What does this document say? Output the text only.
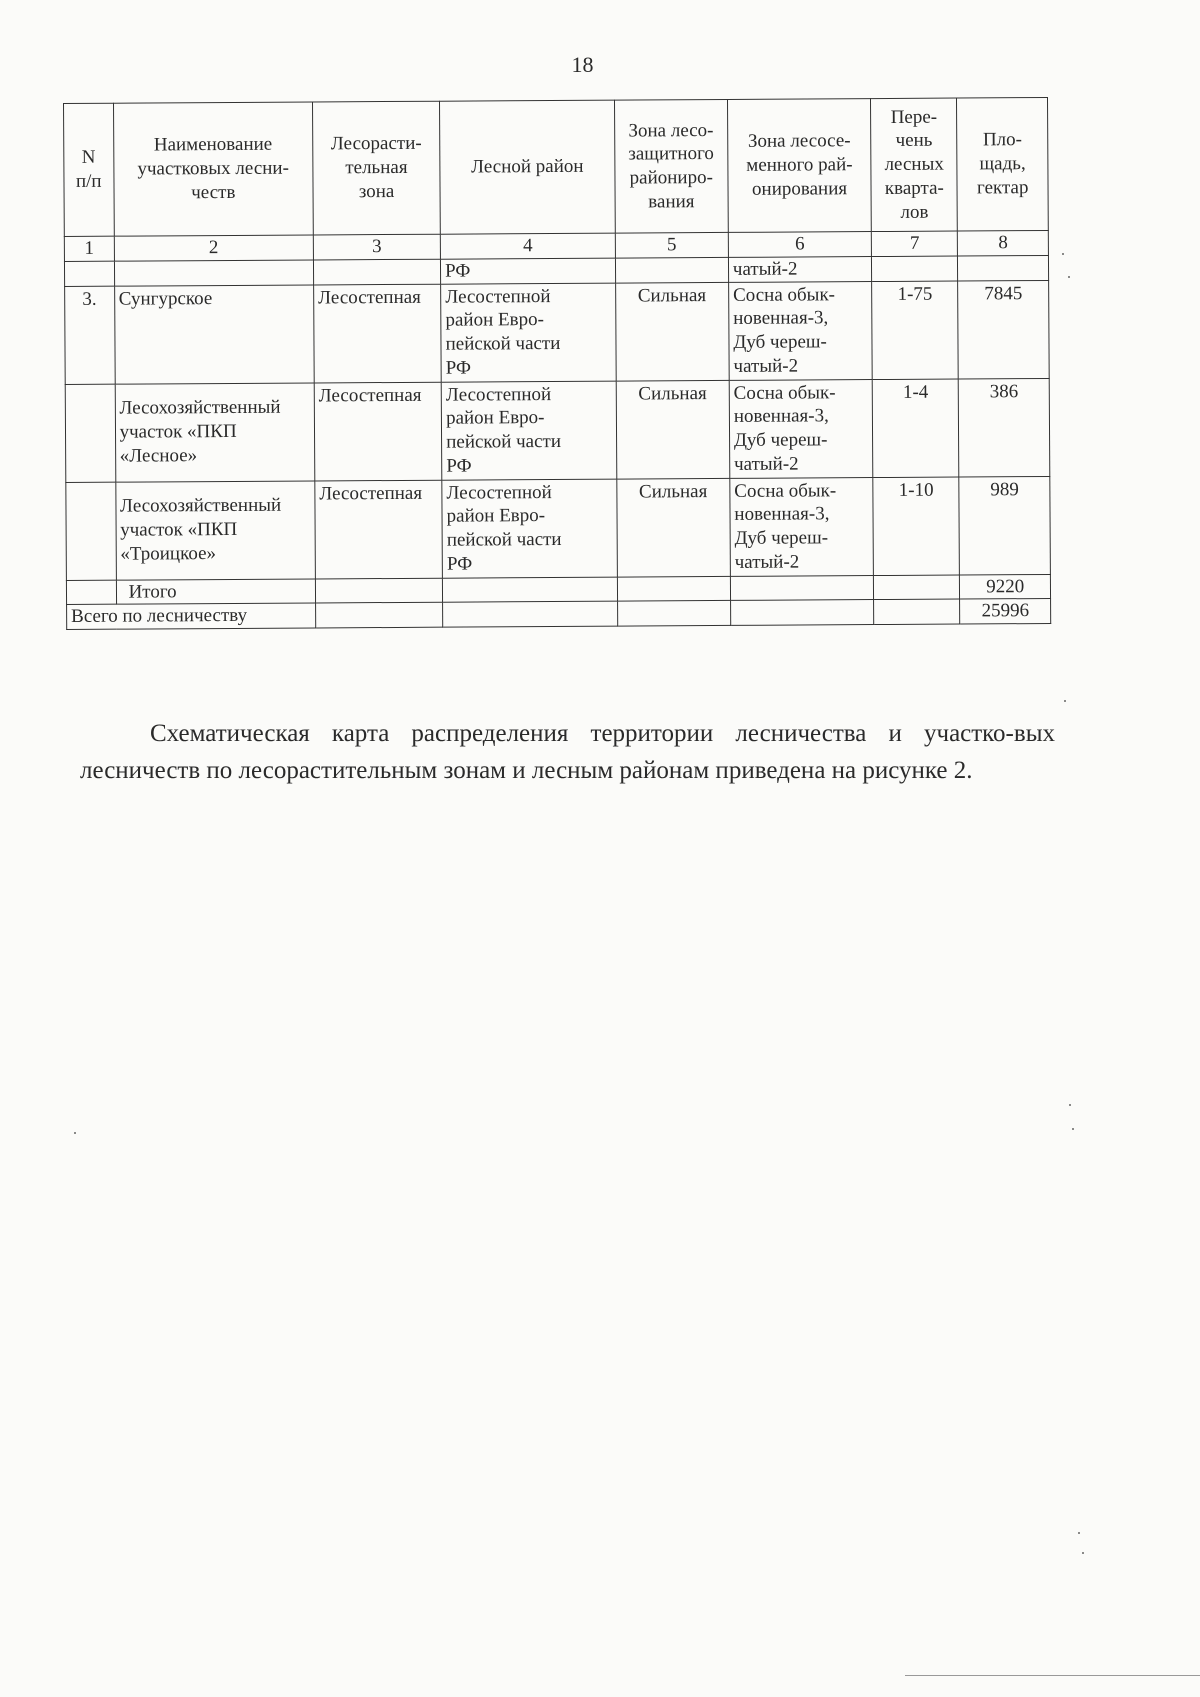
18
N
п/п	Наименование
участковых лесни-
честв	Лесорасти-
тельная
зона	Лесной район	Зона лесо-
защитного
райониро-
вания	Зона лесосе-
менного рай-
онирования	Пере-
чень
лесных
кварта-
лов	Пло-
щадь,
гектар

1	2	3	4	5	6	7	8
			РФ		чатый-2		
3.	Сунгурское	Лесостепная	Лесостепной
район Евро-
пейской части
РФ	Сильная	Сосна обык-
новенная-3,
Дуб череш-
чатый-2	1-75	7845

	Лесохозяйственный
участок «ПКП
«Лесное»	Лесостепная	Лесостепной
район Евро-
пейской части
РФ	Сильная	Сосна обык-
новенная-3,
Дуб череш-
чатый-2	1-4	386

	Лесохозяйственный
участок «ПКП
«Троицкое»	Лесостепная	Лесостепной
район Евро-
пейской части
РФ	Сильная	Сосна обык-
новенная-3,
Дуб череш-
чатый-2	1-10	989
	Итого						9220
Всего по лесничеству							25996

Схематическая карта распределения территории лесничества и участко-вых лесничеств по лесорастительным зонам и лесным районам приведена на рисунке 2.
